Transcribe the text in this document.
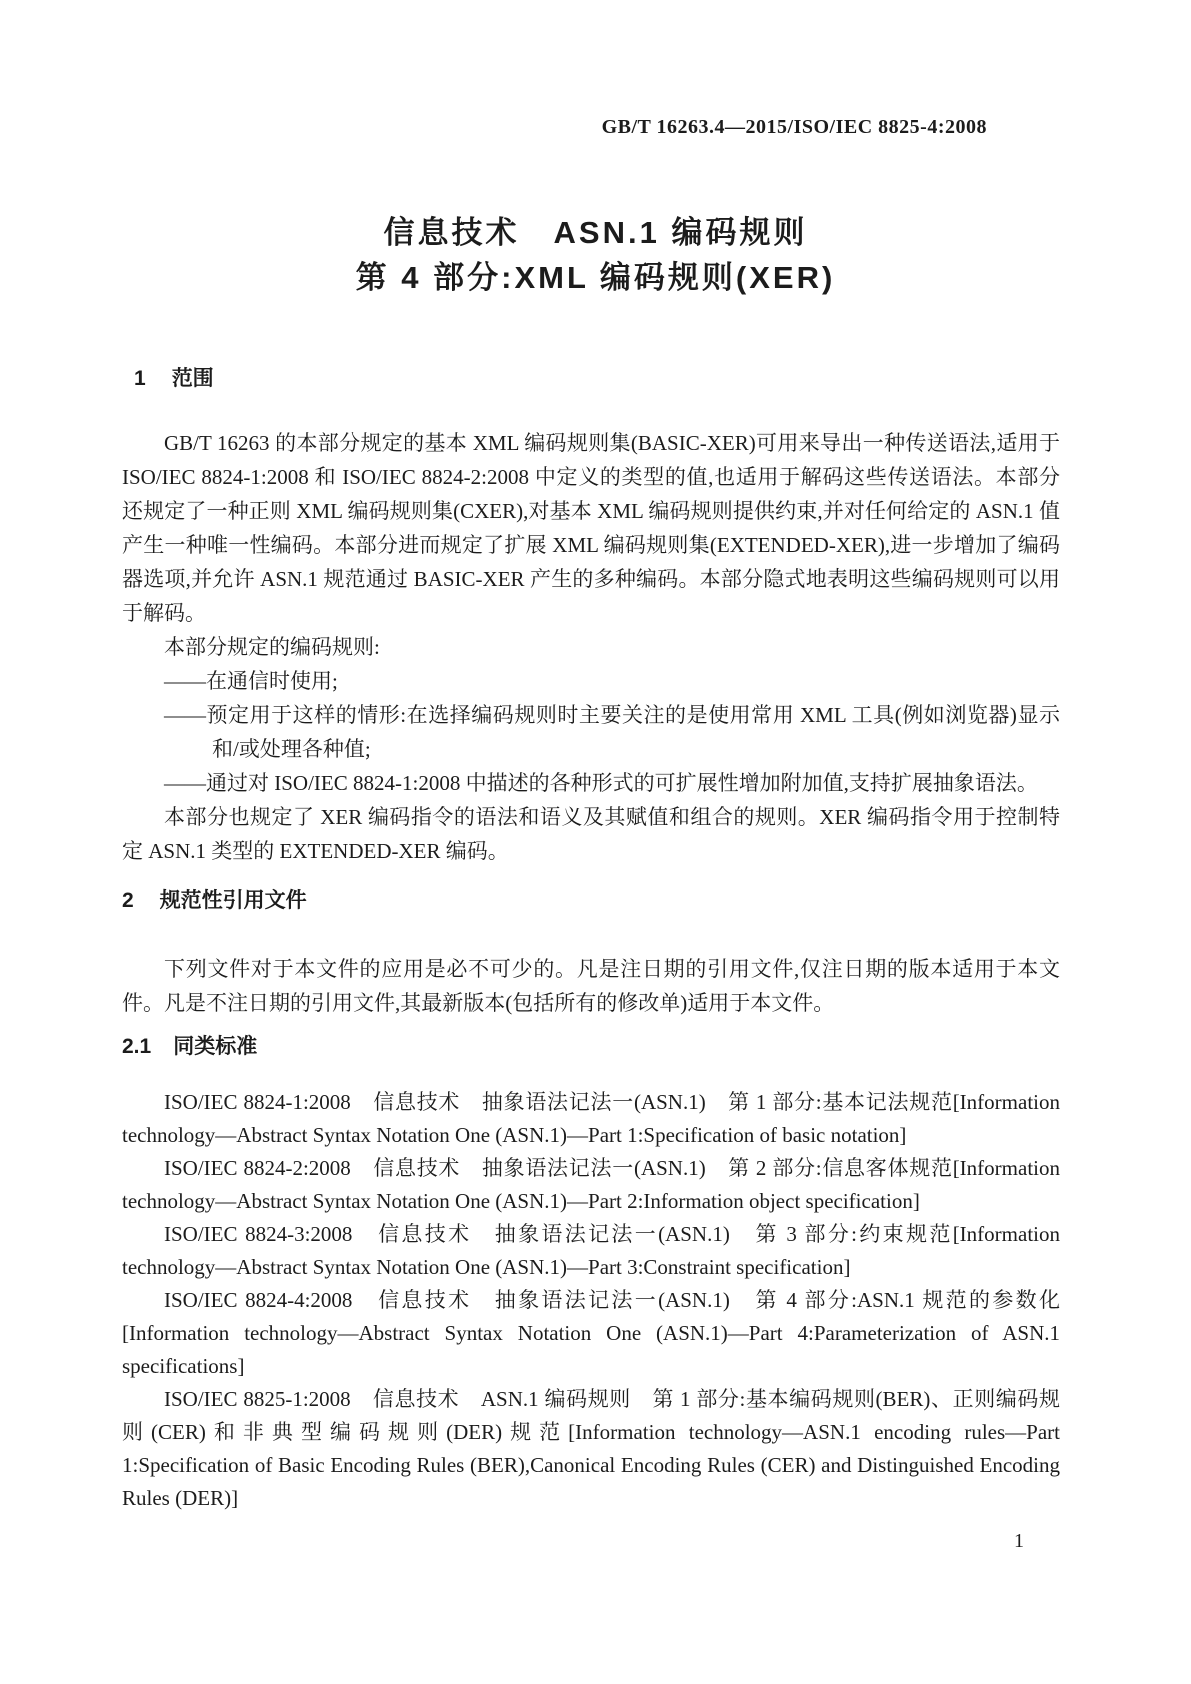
GB/T 16263.4—2015/ISO/IEC 8825-4:2008
信息技术　ASN.1 编码规则
第 4 部分:XML 编码规则(XER)
1 范围

GB/T 16263 的本部分规定的基本 XML 编码规则集(BASIC-XER)可用来导出一种传送语法,适用于 ISO/IEC 8824-1:2008 和 ISO/IEC 8824-2:2008 中定义的类型的值,也适用于解码这些传送语法。本部分还规定了一种正则 XML 编码规则集(CXER),对基本 XML 编码规则提供约束,并对任何给定的 ASN.1 值产生一种唯一性编码。本部分进而规定了扩展 XML 编码规则集(EXTENDED-XER),进一步增加了编码器选项,并允许 ASN.1 规范通过 BASIC-XER 产生的多种编码。本部分隐式地表明这些编码规则可以用于解码。

本部分规定的编码规则:

——在通信时使用;

——预定用于这样的情形:在选择编码规则时主要关注的是使用常用 XML 工具(例如浏览器)显示和/或处理各种值;

——通过对 ISO/IEC 8824-1:2008 中描述的各种形式的可扩展性增加附加值,支持扩展抽象语法。

本部分也规定了 XER 编码指令的语法和语义及其赋值和组合的规则。XER 编码指令用于控制特定 ASN.1 类型的 EXTENDED-XER 编码。

2 规范性引用文件

下列文件对于本文件的应用是必不可少的。凡是注日期的引用文件,仅注日期的版本适用于本文件。凡是不注日期的引用文件,其最新版本(包括所有的修改单)适用于本文件。

2.1 同类标准

ISO/IEC 8824-1:2008　信息技术　抽象语法记法一(ASN.1)　第 1 部分:基本记法规范[Information technology—Abstract Syntax Notation One (ASN.1)—Part 1:Specification of basic notation]

ISO/IEC 8824-2:2008　信息技术　抽象语法记法一(ASN.1)　第 2 部分:信息客体规范[Information technology—Abstract Syntax Notation One (ASN.1)—Part 2:Information object specification]

ISO/IEC 8824-3:2008　信息技术　抽象语法记法一(ASN.1)　第 3 部分:约束规范[Information technology—Abstract Syntax Notation One (ASN.1)—Part 3:Constraint specification]

ISO/IEC 8824-4:2008　信息技术　抽象语法记法一(ASN.1)　第 4 部分:ASN.1 规范的参数化[Information technology—Abstract Syntax Notation One (ASN.1)—Part 4:Parameterization of ASN.1 specifications]

ISO/IEC 8825-1:2008　信息技术　ASN.1 编码规则　第 1 部分:基本编码规则(BER)、正则编码规则(CER)和非典型编码规则(DER)规范[Information technology—ASN.1 encoding rules—Part 1:Specification of Basic Encoding Rules (BER),Canonical Encoding Rules (CER) and Distinguished Encoding Rules (DER)]

1
